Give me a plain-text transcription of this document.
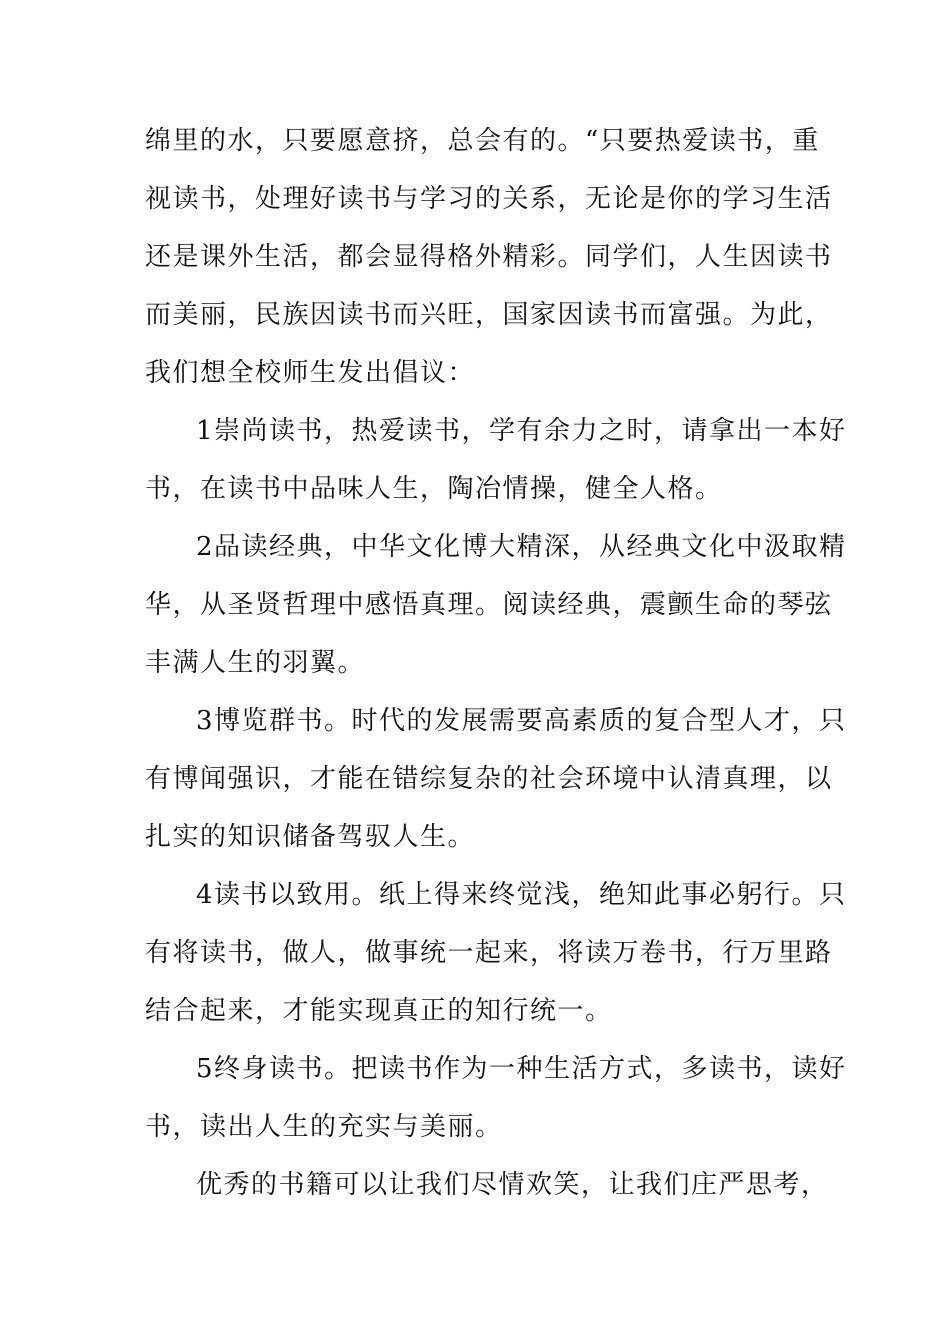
绵里的水，只要愿意挤，总会有的。“只要热爱读书，重
视读书，处理好读书与学习的关系，无论是你的学习生活
还是课外生活，都会显得格外精彩。同学们，人生因读书
而美丽，民族因读书而兴旺，国家因读书而富强。为此，
我们想全校师生发出倡议：
1崇尚读书，热爱读书，学有余力之时，请拿出一本好
书，在读书中品味人生，陶冶情操，健全人格。
2品读经典，中华文化博大精深，从经典文化中汲取精
华，从圣贤哲理中感悟真理。阅读经典，震颤生命的琴弦
丰满人生的羽翼。
3博览群书。时代的发展需要高素质的复合型人才，只
有博闻强识，才能在错综复杂的社会环境中认清真理，以
扎实的知识储备驾驭人生。
4读书以致用。纸上得来终觉浅，绝知此事必躬行。只
有将读书，做人，做事统一起来，将读万卷书，行万里路
结合起来，才能实现真正的知行统一。
5终身读书。把读书作为一种生活方式，多读书，读好
书，读出人生的充实与美丽。
优秀的书籍可以让我们尽情欢笑，让我们庄严思考，
